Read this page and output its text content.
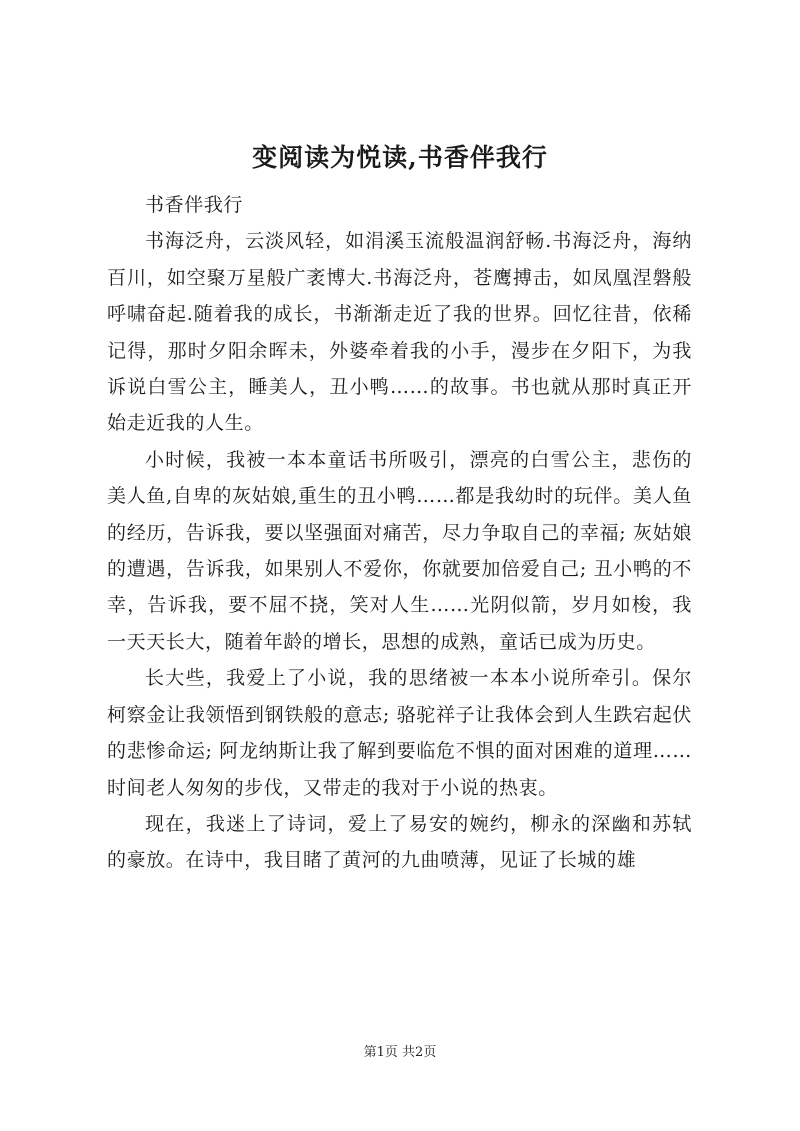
变阅读为悦读,书香伴我行

书香伴我行

书海泛舟，云淡风轻，如涓溪玉流般温润舒畅.书海泛舟，海纳百川，如空聚万星般广袤博大.书海泛舟，苍鹰搏击，如凤凰涅磐般呼啸奋起.随着我的成长，书渐渐走近了我的世界。回忆往昔，依稀记得，那时夕阳余晖未，外婆牵着我的小手，漫步在夕阳下，为我诉说白雪公主，睡美人，丑小鸭……的故事。书也就从那时真正开始走近我的人生。

小时候，我被一本本童话书所吸引，漂亮的白雪公主，悲伤的美人鱼,自卑的灰姑娘,重生的丑小鸭……都是我幼时的玩伴。美人鱼的经历，告诉我，要以坚强面对痛苦，尽力争取自己的幸福; 灰姑娘的遭遇，告诉我，如果别人不爱你，你就要加倍爱自己; 丑小鸭的不幸，告诉我，要不屈不挠，笑对人生……光阴似箭，岁月如梭，我一天天长大，随着年龄的增长，思想的成熟，童话已成为历史。

长大些，我爱上了小说，我的思绪被一本本小说所牵引。保尔柯察金让我领悟到钢铁般的意志; 骆驼祥子让我体会到人生跌宕起伏的悲惨命运; 阿龙纳斯让我了解到要临危不惧的面对困难的道理……时间老人匆匆的步伐，又带走的我对于小说的热衷。

现在，我迷上了诗词，爱上了易安的婉约，柳永的深幽和苏轼的豪放。在诗中，我目睹了黄河的九曲喷薄，见证了长城的雄

第1页 共2页
